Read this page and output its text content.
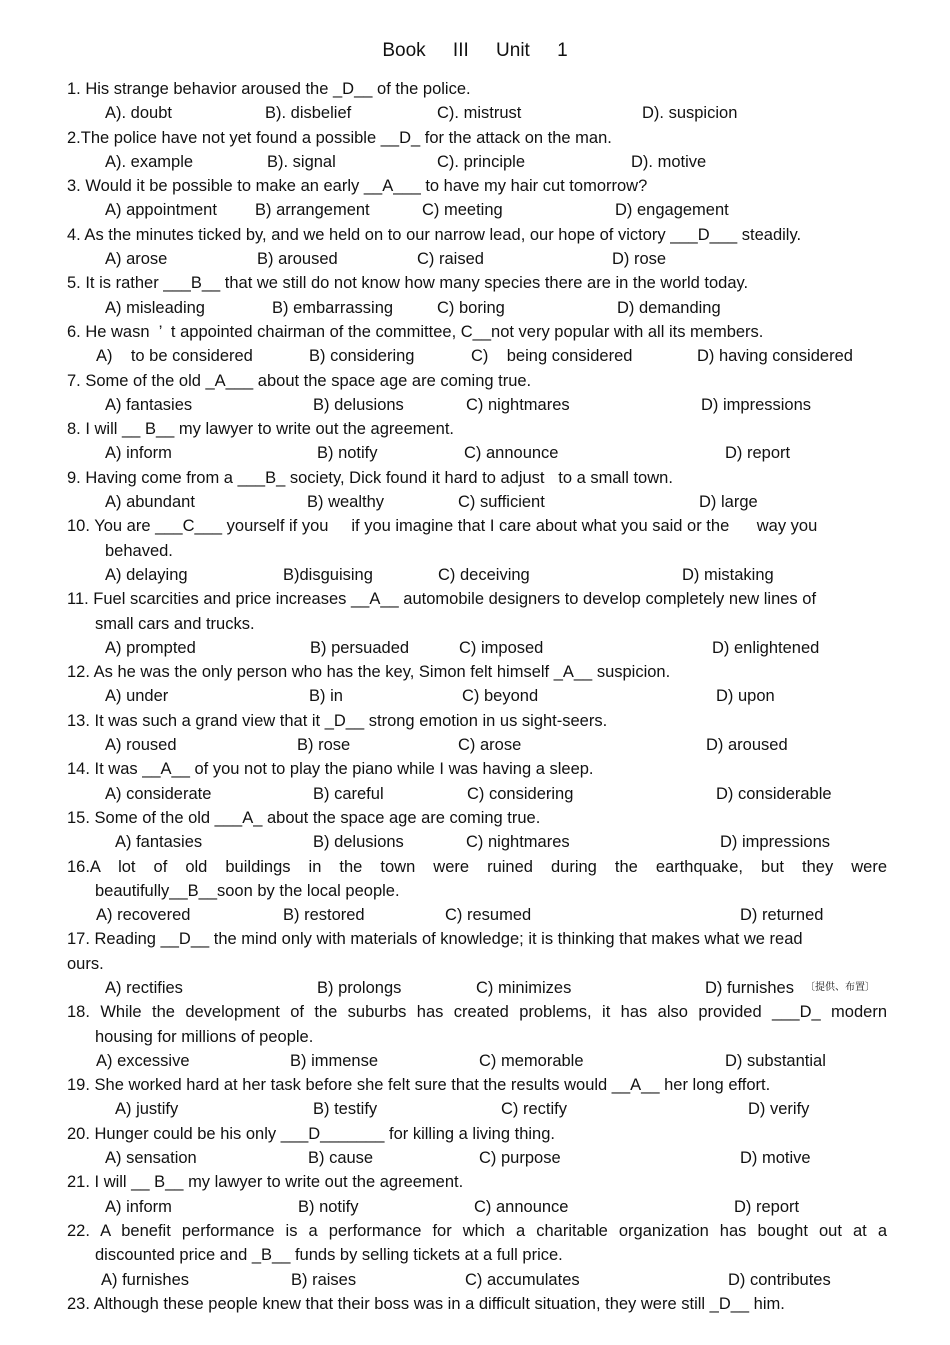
Book III Unit 1
1. His strange behavior aroused the _D__ of the police.
A). doubt	B). disbelief	C). mistrust	D). suspicion
2.The police have not yet found a possible __D_ for the attack on the man.
A). example	B). signal	C). principle	D). motive
3. Would it be possible to make an early __A___ to have my hair cut tomorrow?
A) appointment B) arrangement	C) meeting	D) engagement
4. As the minutes ticked by, and we held on to our narrow lead, our hope of victory ___D___ steadily.
A) arose	B) aroused	C) raised	D) rose
5. It is rather ___B__ that we still do not know how many species there are in the world today.
A) misleading	B) embarrassing	C) boring	D) demanding
6. He wasn  ’  t appointed chairman of the committee, C__not very popular with all its members.
A)    to be considered	B) considering	C)    being considered	D) having considered
7. Some of the old _A___ about the space age are coming true.
A) fantasies	B) delusions	C) nightmares	D) impressions
8. I will __ B__ my lawyer to write out the agreement.
A) inform	B) notify	C) announce	D) report
9. Having come from a ___B_ society, Dick found it hard to adjust   to a small town.
A) abundant	B) wealthy	C) sufficient	D) large
10. You are ___C___ yourself if you     if you imagine that I care about what you said or the      way you
behaved.
A) delaying	B)disguising	C) deceiving	D) mistaking
11. Fuel scarcities and price increases __A__ automobile designers to develop completely new lines of
small cars and trucks.
A) prompted	B) persuaded	C) imposed	D) enlightened
12. As he was the only person who has the key, Simon felt himself _A__ suspicion.
A) under	B) in	C) beyond	D) upon
13. It was such a grand view that it _D__ strong emotion in us sight-seers.
A) roused	B) rose	C) arose	D) aroused
14. It was __A__ of you not to play the piano while I was having a sleep.
A) considerate	B) careful	C) considering	D) considerable
15. Some of the old ___A_ about the space age are coming true.
A) fantasies	B) delusions	C) nightmares	D) impressions
16.A lot of old buildings in the town were ruined during the earthquake, but they were
beautifully__B__soon by the local people.
A) recovered	B) restored	C) resumed	D) returned
17. Reading __D__ the mind only with materials of knowledge; it is thinking that makes what we read
ours.
A) rectifies	B) prolongs	C) minimizes	D) furnishes 〔提供、布置〕
18. While the development of the suburbs has created problems, it has also provided ___D_ modern
housing for millions of people.
A) excessive	B) immense	C) memorable	D) substantial
19. She worked hard at her task before she felt sure that the results would __A__ her long effort.
A) justify	B) testify	C) rectify	D) verify
20. Hunger could be his only ___D_______ for killing a living thing.
A) sensation	B) cause	C) purpose	D) motive
21. I will __ B__ my lawyer to write out the agreement.
A) inform	B) notify	C) announce	D) report
22. A benefit performance is a performance for which a charitable organization has bought out at a
discounted price and _B__ funds by selling tickets at a full price.
A) furnishes	B) raises	C) accumulates	D) contributes
23. Although these people knew that their boss was in a difficult situation, they were still _D__ him.
